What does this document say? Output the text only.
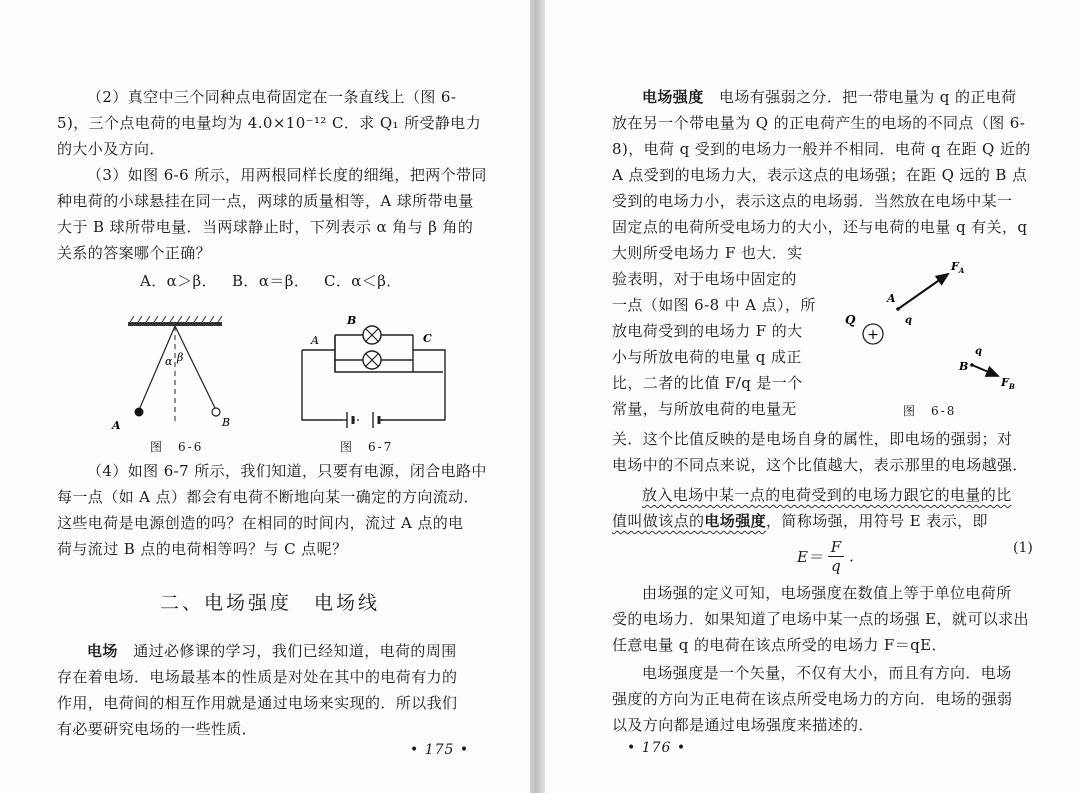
（2）真空中三个同种点电荷固定在一条直线上（图 6-
5)，三个点电荷的电量均为 4.0×10⁻¹² C．求 Q₁ 所受静电力
的大小及方向．
（3）如图 6-6 所示，用两根同样长度的细绳，把两个带同
种电荷的小球悬挂在同一点，两球的质量相等，A 球所带电量
大于 B 球所带电量．当两球静止时，下列表示 α 角与 β 角的
关系的答案哪个正确？
A．α＞β． B．α＝β． C．α＜β．
α β
A	B
图　6-6
A
B
C
图　6-7
（4）如图 6-7 所示，我们知道，只要有电源，闭合电路中
每一点（如 A 点）都会有电荷不断地向某一确定的方向流动．
这些电荷是电源创造的吗？在相同的时间内，流过 A 点的电
荷与流过 B 点的电荷相等吗？与 C 点呢？
二、电场强度　电场线
电场　 通过必修课的学习，我们已经知道，电荷的周围
存在着电场．电场最基本的性质是对处在其中的电荷有力的
作用，电荷间的相互作用就是通过电场来实现的．所以我们
有必要研究电场的一些性质．
• 175 •
电场强度　 电场有强弱之分．把一带电量为 q 的正电荷
放在另一个带电量为 Q 的正电荷产生的电场的不同点（图 6-
8)，电荷 q 受到的电场力一般并不相同．电荷 q 在距 Q 近的
A 点受到的电场力大，表示这点的电场强；在距 Q 远的 B 点
受到的电场力小，表示这点的电场弱．当然放在电场中某一
固定点的电荷所受电场力的大小，还与电荷的电量 q 有关，q
大则所受电场力 F 也大．实
验表明，对于电场中固定的
一点（如图 6-8 中 A 点），所
放电荷受到的电场力 F 的大
小与所放电荷的电量 q 成正
比，二者的比值 F/q 是一个
常量，与所放电荷的电量无
+
Q
A
q
$F_A$
B
q
$F_B$
图　6-8
关．这个比值反映的是电场自身的属性，即电场的强弱；对
电场中的不同点来说，这个比值越大，表示那里的电场越强．
放入电场中某一点的电荷受到的电场力跟它的电量的比
值叫做该点的电场强度，简称场强，用符号 E 表示，即
$E= \frac{F}{q}$ .	(1)
由场强的定义可知，电场强度在数值上等于单位电荷所
受的电场力．如果知道了电场中某一点的场强 E，就可以求出
任意电量 q 的电荷在该点所受的电场力 F＝qE．
电场强度是一个矢量，不仅有大小，而且有方向．电场
强度的方向为正电荷在该点所受电场力的方向．电场的强弱
以及方向都是通过电场强度来描述的．
• 176 •
